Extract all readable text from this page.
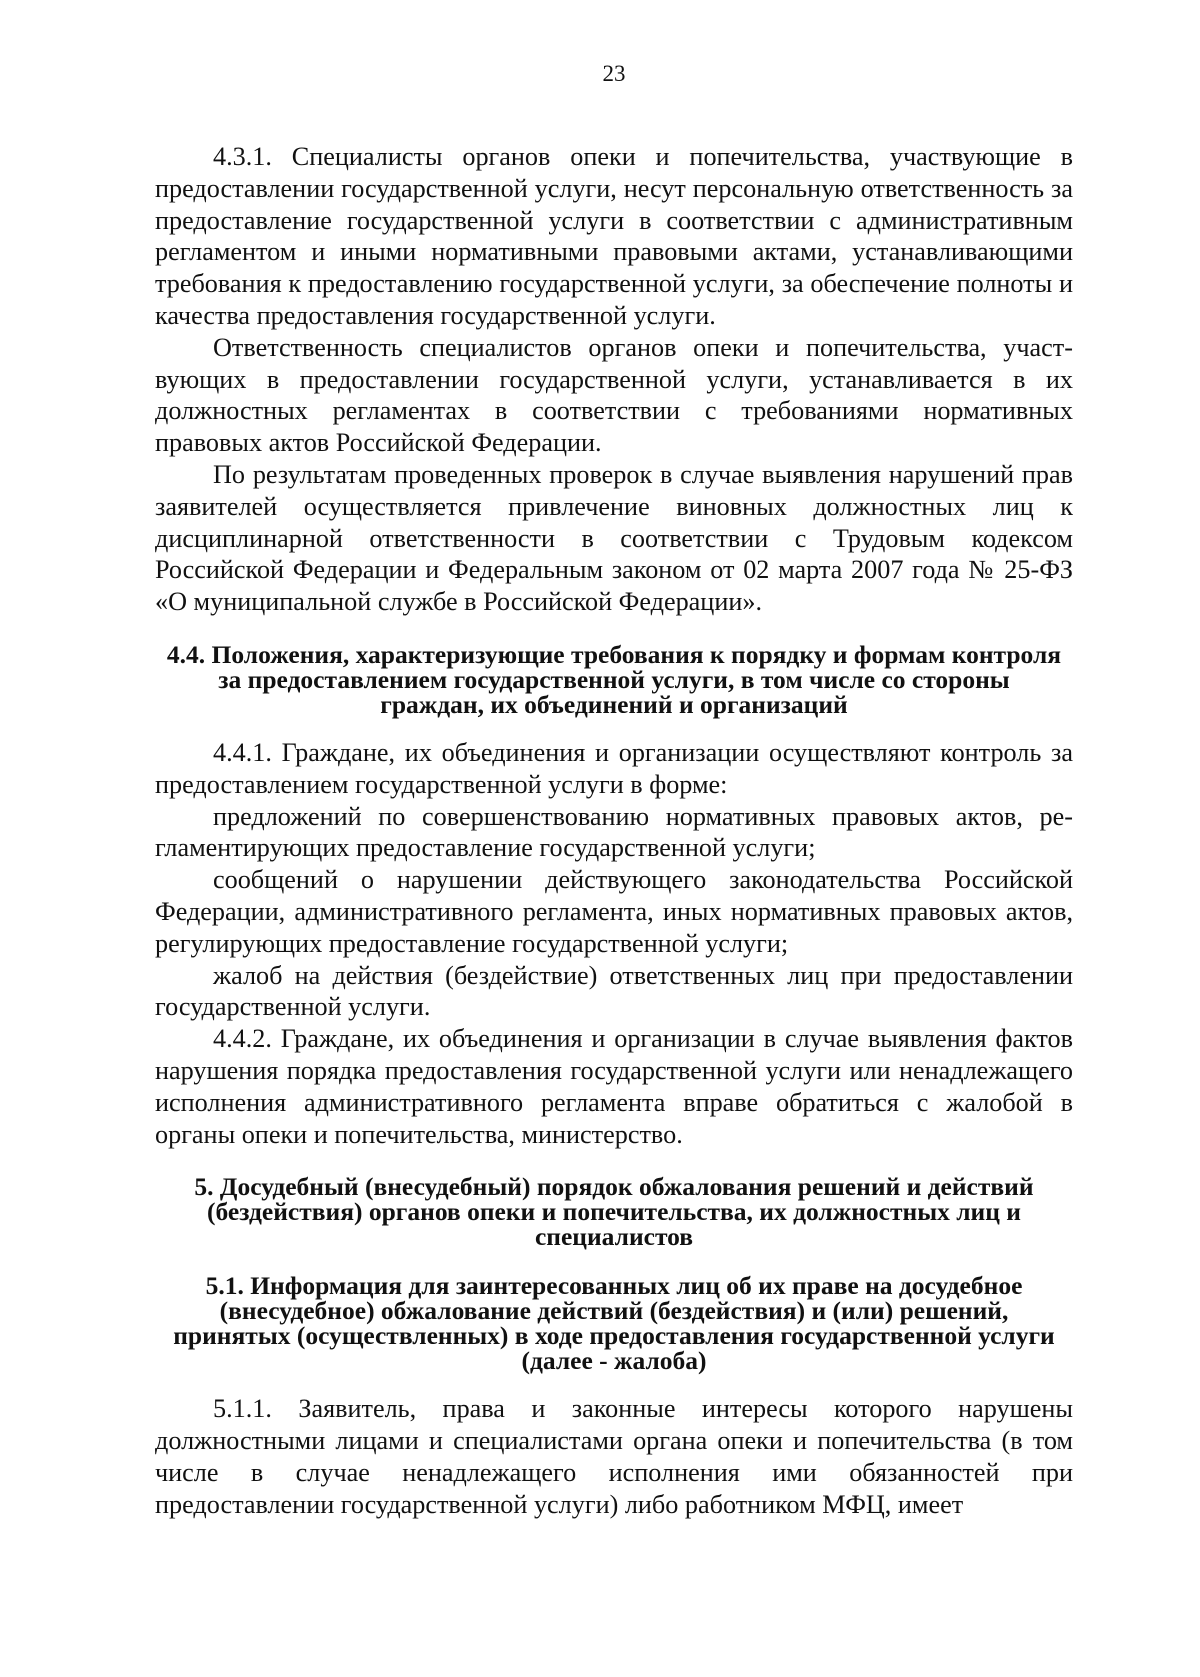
23

4.3.1. Специалисты органов опеки и попечительства, участвующие в предоставлении государственной услуги, несут персональную ответственность за предоставление государственной услуги в соответствии с административным регламентом и иными нормативными правовыми актами, устанавливающими требования к предоставлению государственной услуги, за обеспечение полноты и качества предоставления государственной услуги.

Ответственность специалистов органов опеки и попечительства, участвующих в предоставлении государственной услуги, устанавливается в их должностных регламентах в соответствии с требованиями нормативных правовых актов Российской Федерации.

По результатам проведенных проверок в случае выявления нарушений прав заявителей осуществляется привлечение виновных должностных лиц к дисциплинарной ответственности в соответствии с Трудовым кодексом Российской Федерации и Федеральным законом от 02 марта 2007 года № 25-ФЗ «О муниципальной службе в Российской Федерации».

4.4. Положения, характеризующие требования к порядку и формам контроля за предоставлением государственной услуги, в том числе со стороны граждан, их объединений и организаций

4.4.1. Граждане, их объединения и организации осуществляют контроль за предоставлением государственной услуги в форме:

предложений по совершенствованию нормативных правовых актов, регламентирующих предоставление государственной услуги;

сообщений о нарушении действующего законодательства Российской Федерации, административного регламента, иных нормативных правовых актов, регулирующих предоставление государственной услуги;

жалоб на действия (бездействие) ответственных лиц при предоставлении государственной услуги.

4.4.2. Граждане, их объединения и организации в случае выявления фактов нарушения порядка предоставления государственной услуги или ненадлежащего исполнения административного регламента вправе обратиться с жалобой в органы опеки и попечительства, министерство.

5. Досудебный (внесудебный) порядок обжалования решений и действий (бездействия) органов опеки и попечительства, их должностных лиц и специалистов
5.1. Информация для заинтересованных лиц об их праве на досудебное (внесудебное) обжалование действий (бездействия) и (или) решений, принятых (осуществленных) в ходе предоставления государственной услуги (далее - жалоба)

5.1.1. Заявитель, права и законные интересы которого нарушены должностными лицами и специалистами органа опеки и попечительства (в том числе в случае ненадлежащего исполнения ими обязанностей при предоставлении государственной услуги) либо работником МФЦ, имеет
